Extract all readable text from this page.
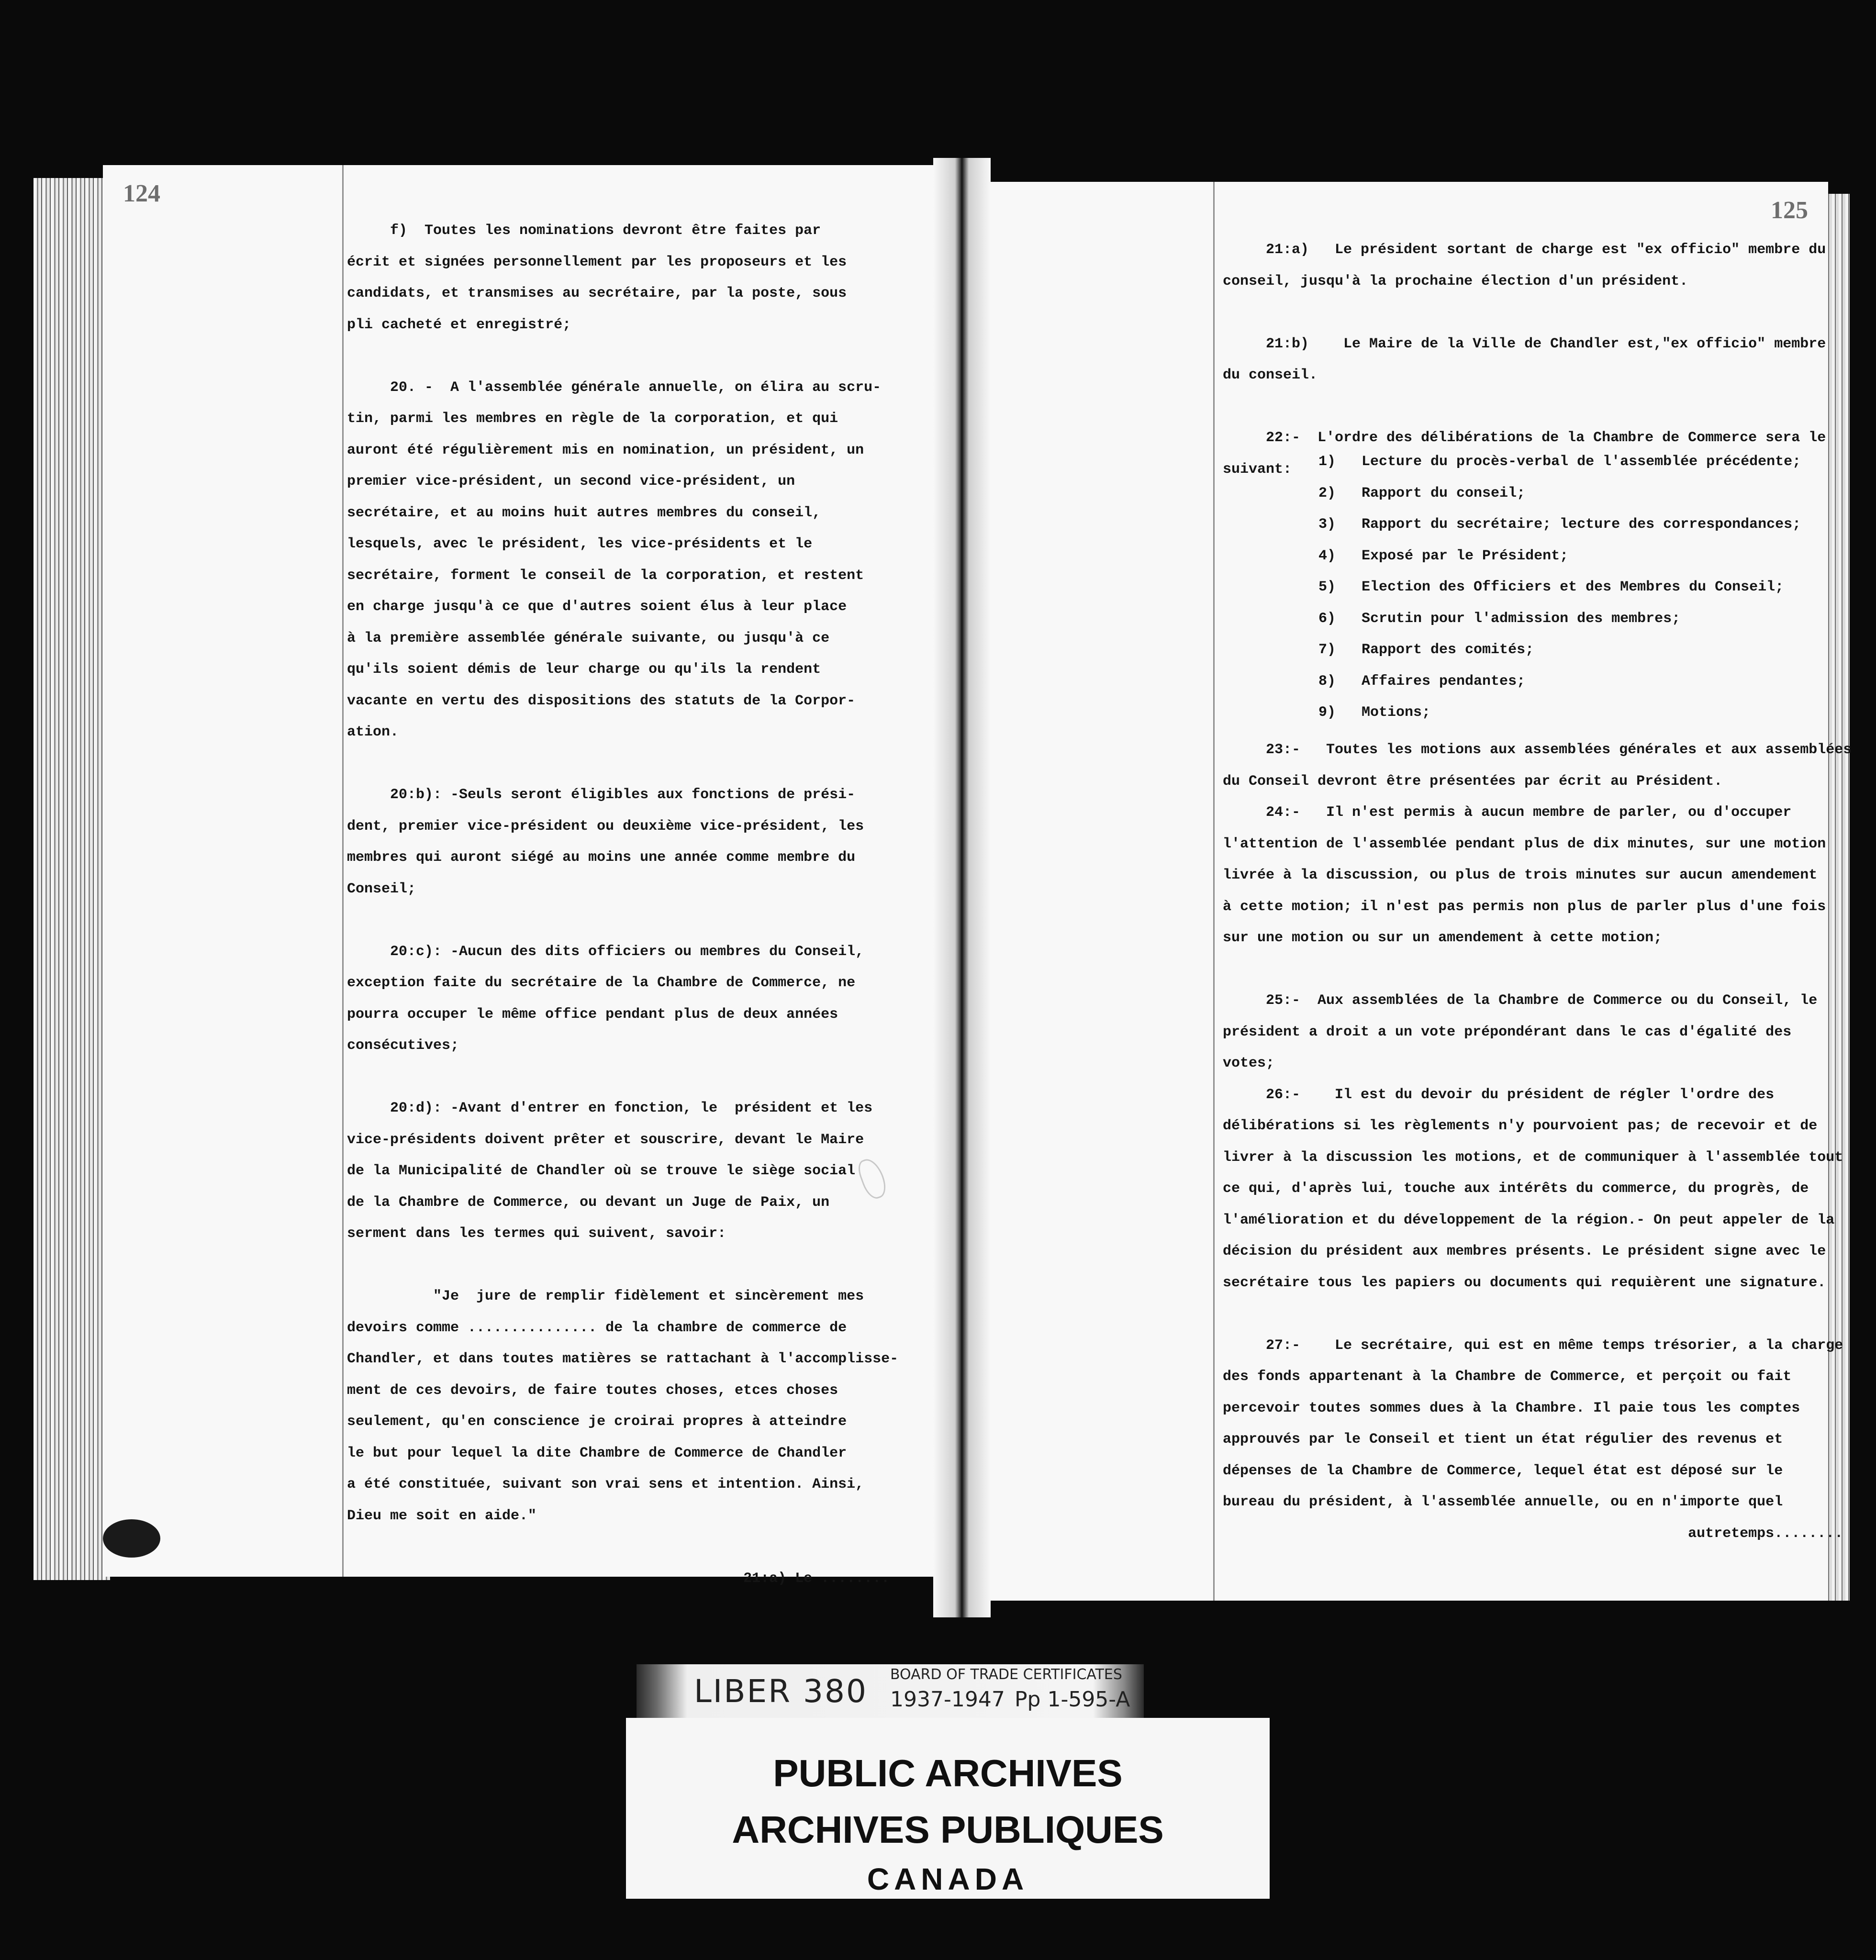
124
f)  Toutes les nominations devront être faites par
écrit et signées personnellement par les proposeurs et les
candidats, et transmises au secrétaire, par la poste, sous
pli cacheté et enregistré;

20. -  A l'assemblée générale annuelle, on élira au scru-
tin, parmi les membres en règle de la corporation, et qui
auront été régulièrement mis en nomination, un président, un
premier vice-président, un second vice-président, un
secrétaire, et au moins huit autres membres du conseil,
lesquels, avec le président, les vice-présidents et le
secrétaire, forment le conseil de la corporation, et restent
en charge jusqu'à ce que d'autres soient élus à leur place
à la première assemblée générale suivante, ou jusqu'à ce
qu'ils soient démis de leur charge ou qu'ils la rendent
vacante en vertu des dispositions des statuts de la Corpor-
ation.

20:b): -Seuls seront éligibles aux fonctions de prési-
dent, premier vice-président ou deuxième vice-président, les
membres qui auront siégé au moins une année comme membre du
Conseil;

20:c): -Aucun des dits officiers ou membres du Conseil,
exception faite du secrétaire de la Chambre de Commerce, ne
pourra occuper le même office pendant plus de deux années
consécutives;

20:d): -Avant d'entrer en fonction, le  président et les
vice-présidents doivent prêter et souscrire, devant le Maire
de la Municipalité de Chandler où se trouve le siège social
de la Chambre de Commerce, ou devant un Juge de Paix, un
serment dans les termes qui suivent, savoir:

"Je  jure de remplir fidèlement et sincèrement mes
devoirs comme ............... de la chambre de commerce de
Chandler, et dans toutes matières se rattachant à l'accomplisse-
ment de ces devoirs, de faire toutes choses, etces choses
seulement, qu'en conscience je croirai propres à atteindre
le but pour lequel la dite Chambre de Commerce de Chandler
a été constituée, suivant son vrai sens et intention. Ainsi,
Dieu me soit en aide."

21:a) Le ........
125
21:a)   Le président sortant de charge est "ex officio" membre du
conseil, jusqu'à la prochaine élection d'un président.

21:b)    Le Maire de la Ville de Chandler est,"ex officio" membre
du conseil.

22:-  L'ordre des délibérations de la Chambre de Commerce sera le
suivant:	1)   Lecture du procès-verbal de l'assemblée précédente;
2)   Rapport du conseil;
3)   Rapport du secrétaire; lecture des correspondances;
4)   Exposé par le Président;
5)   Election des Officiers et des Membres du Conseil;
6)   Scrutin pour l'admission des membres;
7)   Rapport des comités;
8)   Affaires pendantes;
9)   Motions;
23:-   Toutes les motions aux assemblées générales et aux assemblées
du Conseil devront être présentées par écrit au Président.
24:-   Il n'est permis à aucun membre de parler, ou d'occuper
l'attention de l'assemblée pendant plus de dix minutes, sur une motion
livrée à la discussion, ou plus de trois minutes sur aucun amendement
à cette motion; il n'est pas permis non plus de parler plus d'une fois
sur une motion ou sur un amendement à cette motion;

25:-  Aux assemblées de la Chambre de Commerce ou du Conseil, le
président a droit a un vote prépondérant dans le cas d'égalité des
votes;
26:-    Il est du devoir du président de régler l'ordre des
délibérations si les règlements n'y pourvoient pas; de recevoir et de
livrer à la discussion les motions, et de communiquer à l'assemblée tout
ce qui, d'après lui, touche aux intérêts du commerce, du progrès, de
l'amélioration et du développement de la région.- On peut appeler de la
décision du président aux membres présents. Le président signe avec le
secrétaire tous les papiers ou documents qui requièrent une signature.

27:-    Le secrétaire, qui est en même temps trésorier, a la charge
des fonds appartenant à la Chambre de Commerce, et perçoit ou fait
percevoir toutes sommes dues à la Chambre. Il paie tous les comptes
approuvés par le Conseil et tient un état régulier des revenus et
dépenses de la Chambre de Commerce, lequel état est déposé sur le
bureau du président, à l'assemblée annuelle, ou en n'importe quel
autretemps........
LIBER 380 BOARD OF TRADE CERTIFICATES
1937-1947 Pp 1-595-A
PUBLIC ARCHIVES
ARCHIVES PUBLIQUES
CANADA
